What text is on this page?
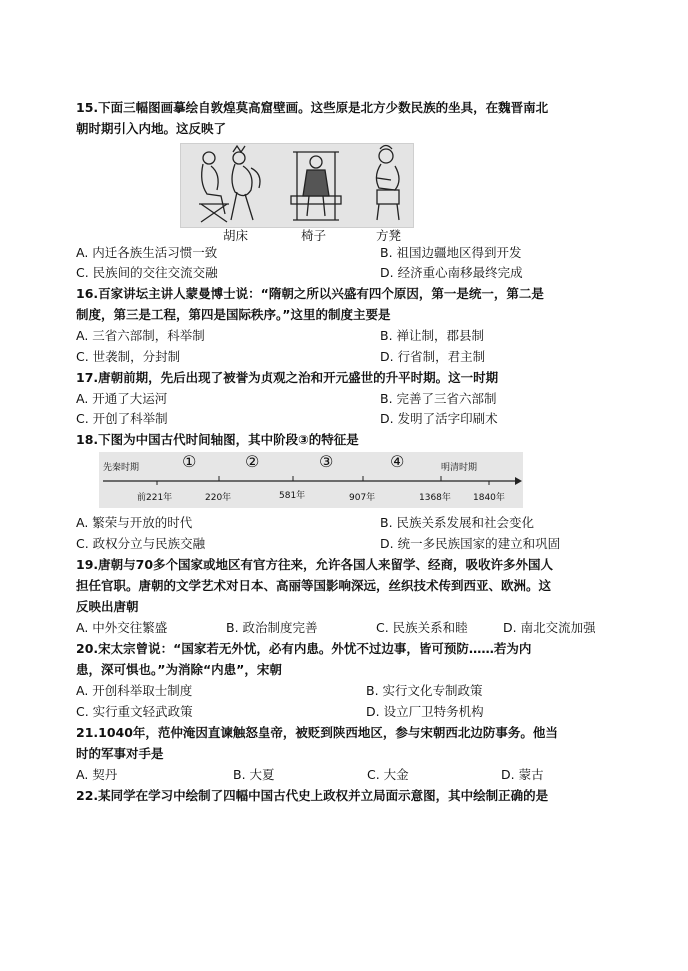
15.下面三幅图画摹绘自敦煌莫高窟壁画。这些原是北方少数民族的坐具，在魏晋南北
朝时期引入内地。这反映了
胡床	椅子	方凳
A. 内迁各族生活习惯一致	B. 祖国边疆地区得到开发
C. 民族间的交往交流交融	D. 经济重心南移最终完成
16.百家讲坛主讲人蒙曼博士说：“隋朝之所以兴盛有四个原因，第一是统一，第二是
制度，第三是工程，第四是国际秩序。”这里的制度主要是
A. 三省六部制，科举制	B. 禅让制，郡县制
C. 世袭制，分封制	D. 行省制，君主制
17.唐朝前期，先后出现了被誉为贞观之治和开元盛世的升平时期。这一时期
A. 开通了大运河	B. 完善了三省六部制
C. 开创了科举制	D. 发明了活字印刷术
18.下图为中国古代时间轴图，其中阶段③的特征是
先秦时期	明清时期
①	②	③	④
前221年	220年	581年	907年	1368年 1840年
A. 繁荣与开放的时代	B. 民族关系发展和社会变化
C. 政权分立与民族交融	D. 统一多民族国家的建立和巩固
19.唐朝与70多个国家或地区有官方往来，允许各国人来留学、经商，吸收许多外国人
担任官职。唐朝的文学艺术对日本、高丽等国影响深远，丝织技术传到西亚、欧洲。这
反映出唐朝
A. 中外交往繁盛	B. 政治制度完善	C. 民族关系和睦	D. 南北交流加强
20.宋太宗曾说：“国家若无外忧，必有内患。外忧不过边事，皆可预防……若为内
患，深可惧也。”为消除“内患”，宋朝
A. 开创科举取士制度	B. 实行文化专制政策
C. 实行重文轻武政策	D. 设立厂卫特务机构
21.1040年，范仲淹因直谏触怒皇帝，被贬到陕西地区，参与宋朝西北边防事务。他当
时的军事对手是
A. 契丹	B. 大夏	C. 大金	D. 蒙古
22.某同学在学习中绘制了四幅中国古代史上政权并立局面示意图，其中绘制正确的是
